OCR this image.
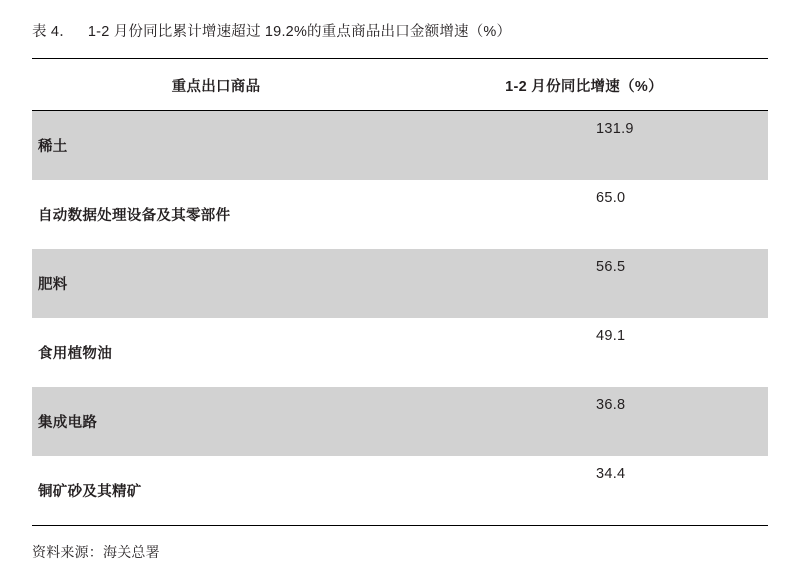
表 4． 1-2 月份同比累计增速超过 19.2%的重点商品出口金额增速（%）
重点出口商品	1-2 月份同比增速（%）
稀土	131.9
自动数据处理设备及其零部件	65.0
肥料	56.5
食用植物油	49.1
集成电路	36.8
铜矿砂及其精矿	34.4
资料来源：海关总署
